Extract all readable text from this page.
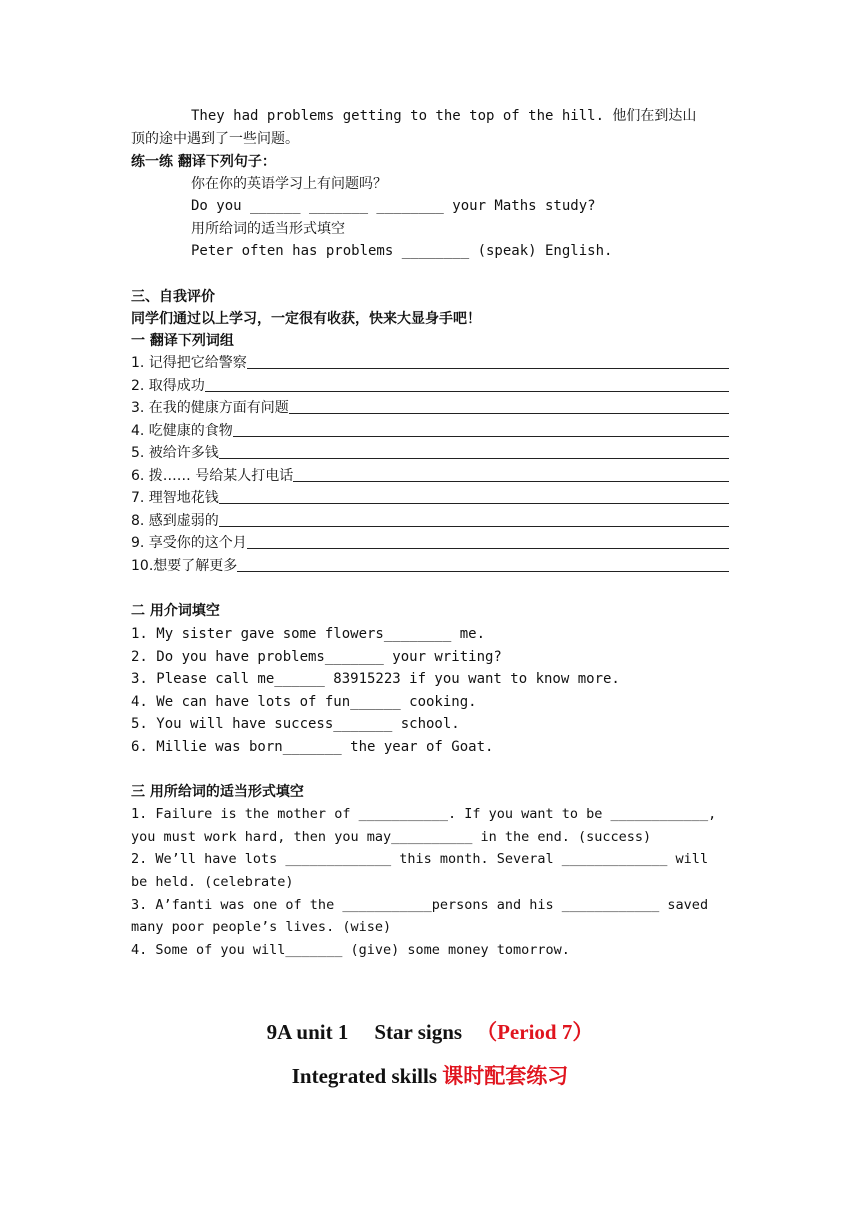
They had problems getting to the top of the hill. 他们在到达山
顶的途中遇到了一些问题。
练一练 翻译下列句子：
你在你的英语学习上有问题吗？
Do you ______ _______ ________ your Maths study?
用所给词的适当形式填空
Peter often has problems ________ (speak) English.
三、自我评价
同学们通过以上学习，一定很有收获，快来大显身手吧！
一 翻译下列词组
1. 记得把它给警察
2. 取得成功
3. 在我的健康方面有问题
4. 吃健康的食物
5. 被给许多钱
6. 拨…… 号给某人打电话
7. 理智地花钱
8. 感到虚弱的
9. 享受你的这个月
10.想要了解更多
二 用介词填空
1. My sister gave some flowers________ me.
2. Do you have problems_______ your writing?
3. Please call me______ 83915223 if you want to know more.
4. We can have lots of fun______ cooking.
5. You will have success_______ school.
6. Millie was born_______ the year of Goat.
三 用所给词的适当形式填空
1. Failure is the mother of ___________. If you want to be ____________,
you must work hard, then you may__________ in the end. (success)
2. We’ll have lots _____________ this month. Several _____________ will
be held. (celebrate)
3. A’fanti was one of the ___________persons and his ____________ saved
many poor people’s lives. (wise)
4. Some of you will_______ (give) some money tomorrow.
9A unit 1 Star signs （Period 7）
Integrated skills 课时配套练习
